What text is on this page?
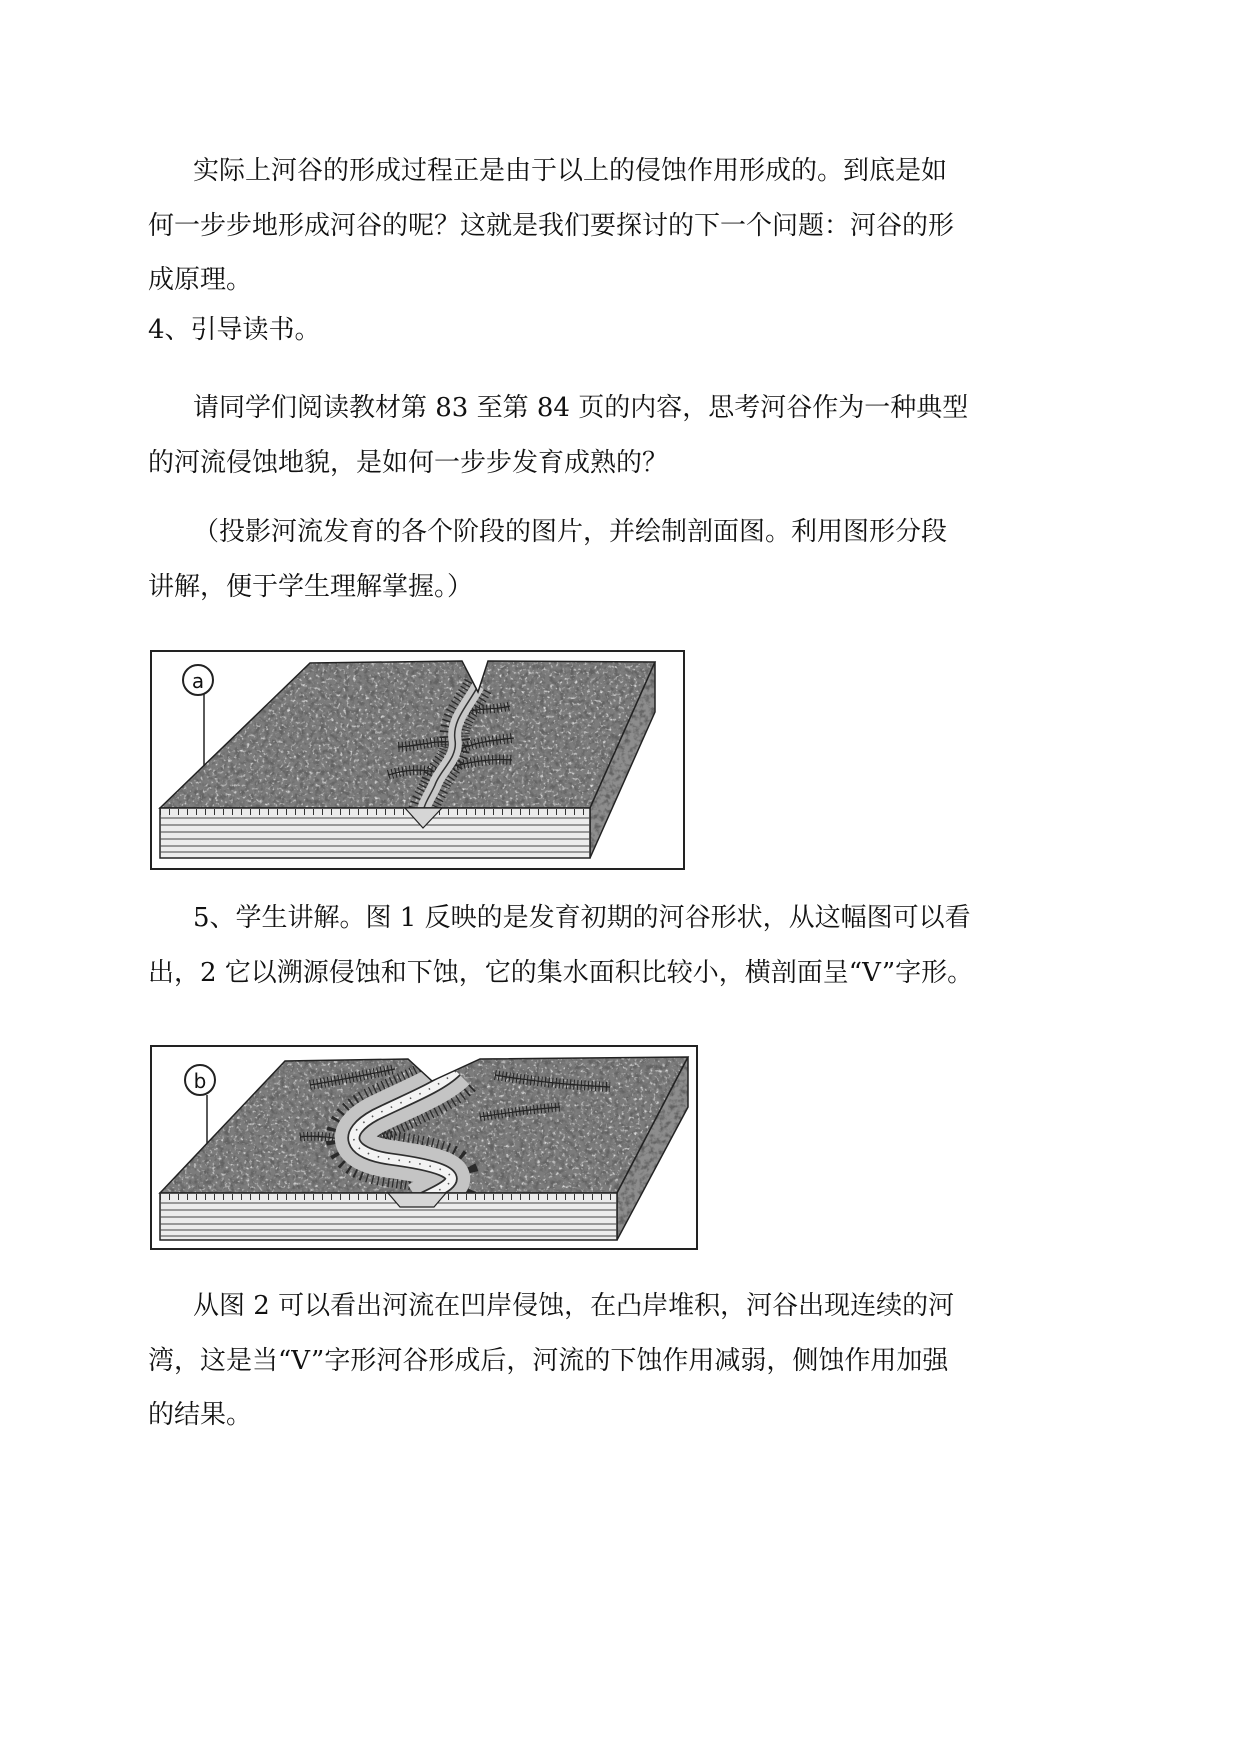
实际上河谷的形成过程正是由于以上的侵蚀作用形成的。到底是如
何一步步地形成河谷的呢？这就是我们要探讨的下一个问题：河谷的形
成原理。
4、引导读书。
请同学们阅读教材第 83 至第 84 页的内容，思考河谷作为一种典型
的河流侵蚀地貌，是如何一步步发育成熟的？
（投影河流发育的各个阶段的图片，并绘制剖面图。利用图形分段
讲解，便于学生理解掌握。）
a
5、学生讲解。图 1 反映的是发育初期的河谷形状，从这幅图可以看
出，2 它以溯源侵蚀和下蚀，它的集水面积比较小，横剖面呈“V”字形。
b
从图 2 可以看出河流在凹岸侵蚀，在凸岸堆积，河谷出现连续的河
湾，这是当“V”字形河谷形成后，河流的下蚀作用减弱，侧蚀作用加强
的结果。
